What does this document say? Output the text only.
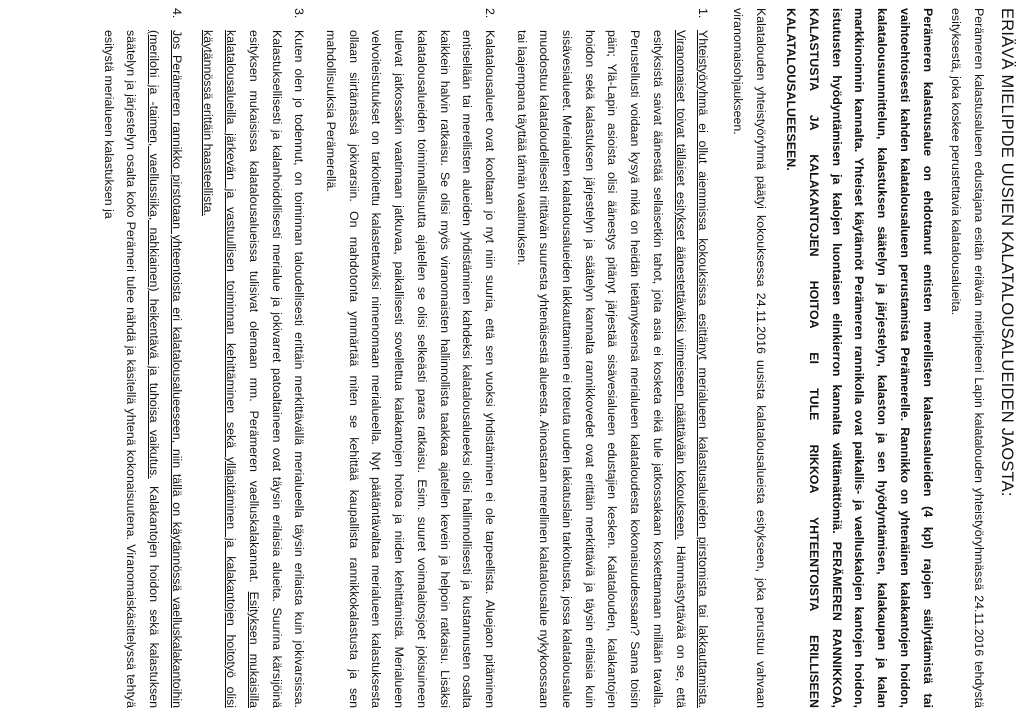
ERIÄVÄ MIELIPIDE UUSIEN KALATALOUSALUEIDEN JAOSTA:

Perämeren kalastusalueen edustajana esitän eriävän mielipiteeni Lapin kalatalouden yhteistyöryhmässä 24.11.2016 tehdystä esityksestä, joka koskee perustettavia kalatalousalueita.

Perämeren kalastusalue on ehdottanut entisten merellisten kalastusalueiden (4 kpl) rajojen säilyttämistä tai vaihtoehtoisesti kahden kalatalousalueen perustamista Perämerelle. Rannikko on yhtenäinen kalakantojen hoidon, kalatalousuunnittelun, kalastuksen säätelyn ja järjestelyn, kalaston ja sen hyödyntämisen, kalakaupan ja kalan markkinoinnin kannalta. Yhteiset käytännöt Perämeren rannikolla ovat paikallis- ja vaelluskalojen kantojen hoidon, istutusten hyödyntämisen ja kalojen luontaisen elinkierron kannalta välttämättömiä. PERÄMEREN RANNIKKOA, KALASTUSTA JA KALAKANTOJEN HOITOA EI TULE RIKKOA YHTEENTOISTA ERILLISEEN KALATALOUSALUEESEEN.

Kalatalouden yhteistyöryhmä päätyi kokouksessa 24.11.2016 uusista kalatalousalueista esitykseen, joka perustuu vahvaan viranomaisohjaukseen.

1.
Yhteistyöryhmä ei ollut aiemmissa kokouksissa esittänyt merialueen kalastusalueiden pirstomista tai lakkauttamista. Viranomaiset toivat tällaiset esitykset äänestettäväksi viimeiseen päättävään kokoukseen. Hämmästyttävää on se, että esityksistä saivat äänestää sellaisetkin tahot, joita asia ei kosketa eikä tule jatkossakaan koskettamaan millään tavalla. Perustellusti voidaan kysyä mikä on heidän tietämyksensä merialueen kalataloudesta kokonaisuudessaan? Sama toisin päin; Ylä-Lapin asioista olisi äänestys pitänyt järjestää sisävesialueen edustajien kesken. Kalatalouden, kalakantojen hoidon sekä kalastuksen järjestelyn ja säätelyn kannalta rannikkovedet ovat erittäin merkittäviä ja täysin erilaisia kuin sisävesialueet. Merialueen kalatalousalueiden lakkauttaminen ei toteuta uuden lakiatuslain tarkoitusta, jossa kalatalousalue muodostuu kalataloudellisesti riittävän suuresta yhtenäisestä alueesta. Ainoastaan merellinen kalatalousalue nykykoossaan tai laajempana täyttää tämän vaatimuksen.
2.
Kalatalousalueet ovat kooltaan jo nyt niin suuria, että sen vuoksi yhdistäminen ei ole tarpeellista. Aluejaon pitäminen entisellään tai merellisten alueiden yhdistäminen kahdeksi kalatalousalueeksi olisi hallinnollisesti ja kustannusten osalta kaikkein halvin ratkaisu. Se olisi myös viranomaisten hallinnollista taakkaa ajatellen kevein ja helpoin ratkaisu. Lisäksi kalatalousalueiden toiminnallisuutta ajatellen se olisi selkeästi paras ratkaisu. Esim. suuret voimalaitosjoet jokisuineen tulevat jatkossakin vaatimaan jatkuvaa, paikallisesti sovellettua kalakantojen hoitoa ja niiden kehittämistä. Merialueen velvoiteistutukset on tarkoitettu kalastettaviksi nimenomaan merialueella. Nyt päätäntävaltaa merialueen kalastuksesta ollaan siirtämässä jokivarsiin. On mahdotonta ymmärtää miten se kehittää kaupallista rannikkokalastusta ja sen mahdollisuuksia Perämerellä.
3.
Kuten olen jo todennut, on toiminnan taloudellisesti erittäin merkittävällä merialueella täysin erilaista kuin jokivarsissa. Kalastuksellisesti ja kalanhoidollisesti merialue ja jokivarret patoaltaineen ovat täysin erilaisia alueita. Suurina kärsijöinä esityksen mukaisissa kalatalousalueissa tulisivat olemaan mm. Perämeren vaelluskalakannat. Esityksen mukaisilla kalatalousalueilla järkevän ja vastuullisen toiminnan kehittäminen sekä ylläpitäminen ja kalakantojen hoitotyö olisi käytännössä erittäin haasteellista.
4.
Jos Perämeren rannikko pirstotaan yhteentoista eri kalatalousalueeseen, niin tällä on käytännössä vaelluskalakantoihin (merilohi ja -taimen, vaellussiika, nahkiainen) heikentävä ja tuhoisa vaikutus. Kalakantojen hoidon sekä kalastuksen säätelyn ja järjestelyn osalta koko Perämeri tulee nähdä ja käsitellä yhtenä kokonaisuutena. Viranomaiskäsittelyssä tehtyä esitystä merialueen kalastuksen ja
